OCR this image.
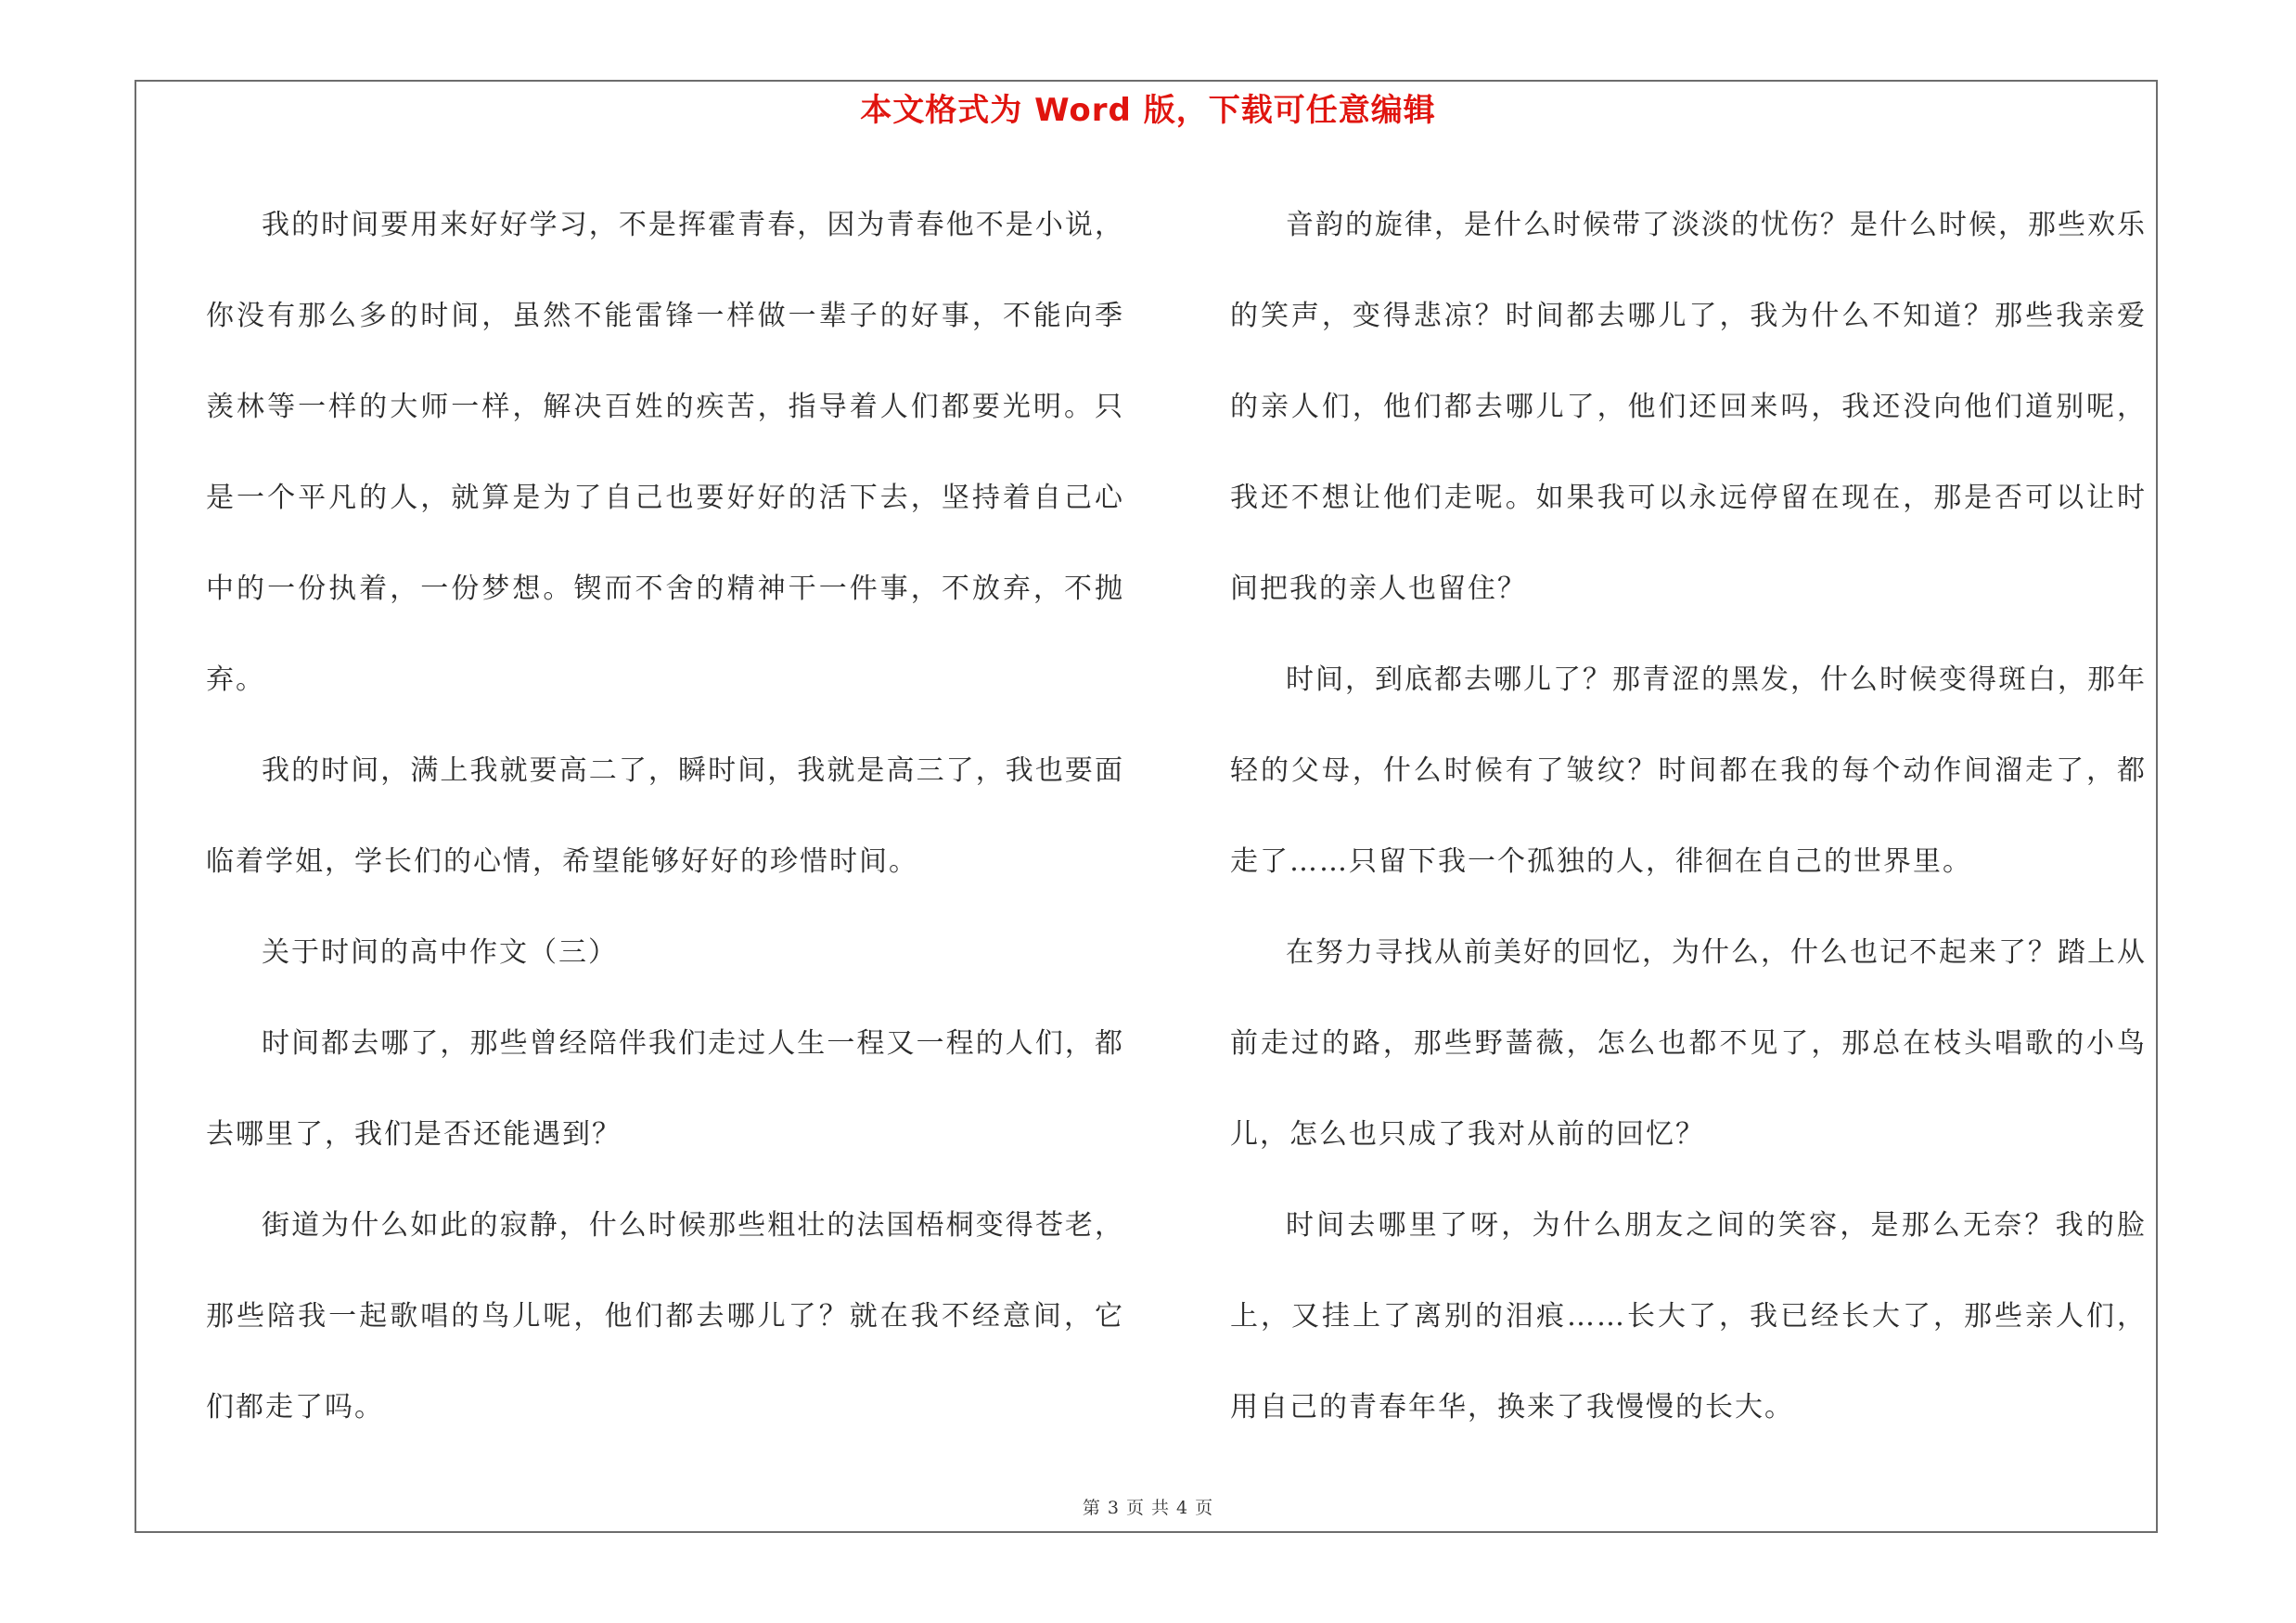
本文格式为 Word 版，下载可任意编辑

我的时间要用来好好学习，不是挥霍青春，因为青春他不是小说，你没有那么多的时间，虽然不能雷锋一样做一辈子的好事，不能向季羡林等一样的大师一样，解决百姓的疾苦，指导着人们都要光明。只是一个平凡的人，就算是为了自己也要好好的活下去，坚持着自己心中的一份执着，一份梦想。锲而不舍的精神干一件事，不放弃，不抛弃。

我的时间，满上我就要高二了，瞬时间，我就是高三了，我也要面临着学姐，学长们的心情，希望能够好好的珍惜时间。

关于时间的高中作文（三）

时间都去哪了，那些曾经陪伴我们走过人生一程又一程的人们，都去哪里了，我们是否还能遇到？

街道为什么如此的寂静，什么时候那些粗壮的法国梧桐变得苍老，那些陪我一起歌唱的鸟儿呢，他们都去哪儿了？就在我不经意间，它们都走了吗。

音韵的旋律，是什么时候带了淡淡的忧伤？是什么时候，那些欢乐的笑声，变得悲凉？时间都去哪儿了，我为什么不知道？那些我亲爱的亲人们，他们都去哪儿了，他们还回来吗，我还没向他们道别呢，我还不想让他们走呢。如果我可以永远停留在现在，那是否可以让时间把我的亲人也留住？

时间，到底都去哪儿了？那青涩的黑发，什么时候变得斑白，那年轻的父母，什么时候有了皱纹？时间都在我的每个动作间溜走了，都走了……只留下我一个孤独的人，徘徊在自己的世界里。

在努力寻找从前美好的回忆，为什么，什么也记不起来了？踏上从前走过的路，那些野蔷薇，怎么也都不见了，那总在枝头唱歌的小鸟儿，怎么也只成了我对从前的回忆？

时间去哪里了呀，为什么朋友之间的笑容，是那么无奈？我的脸上，又挂上了离别的泪痕……长大了，我已经长大了，那些亲人们，用自己的青春年华，换来了我慢慢的长大。

第 3 页 共 4 页
